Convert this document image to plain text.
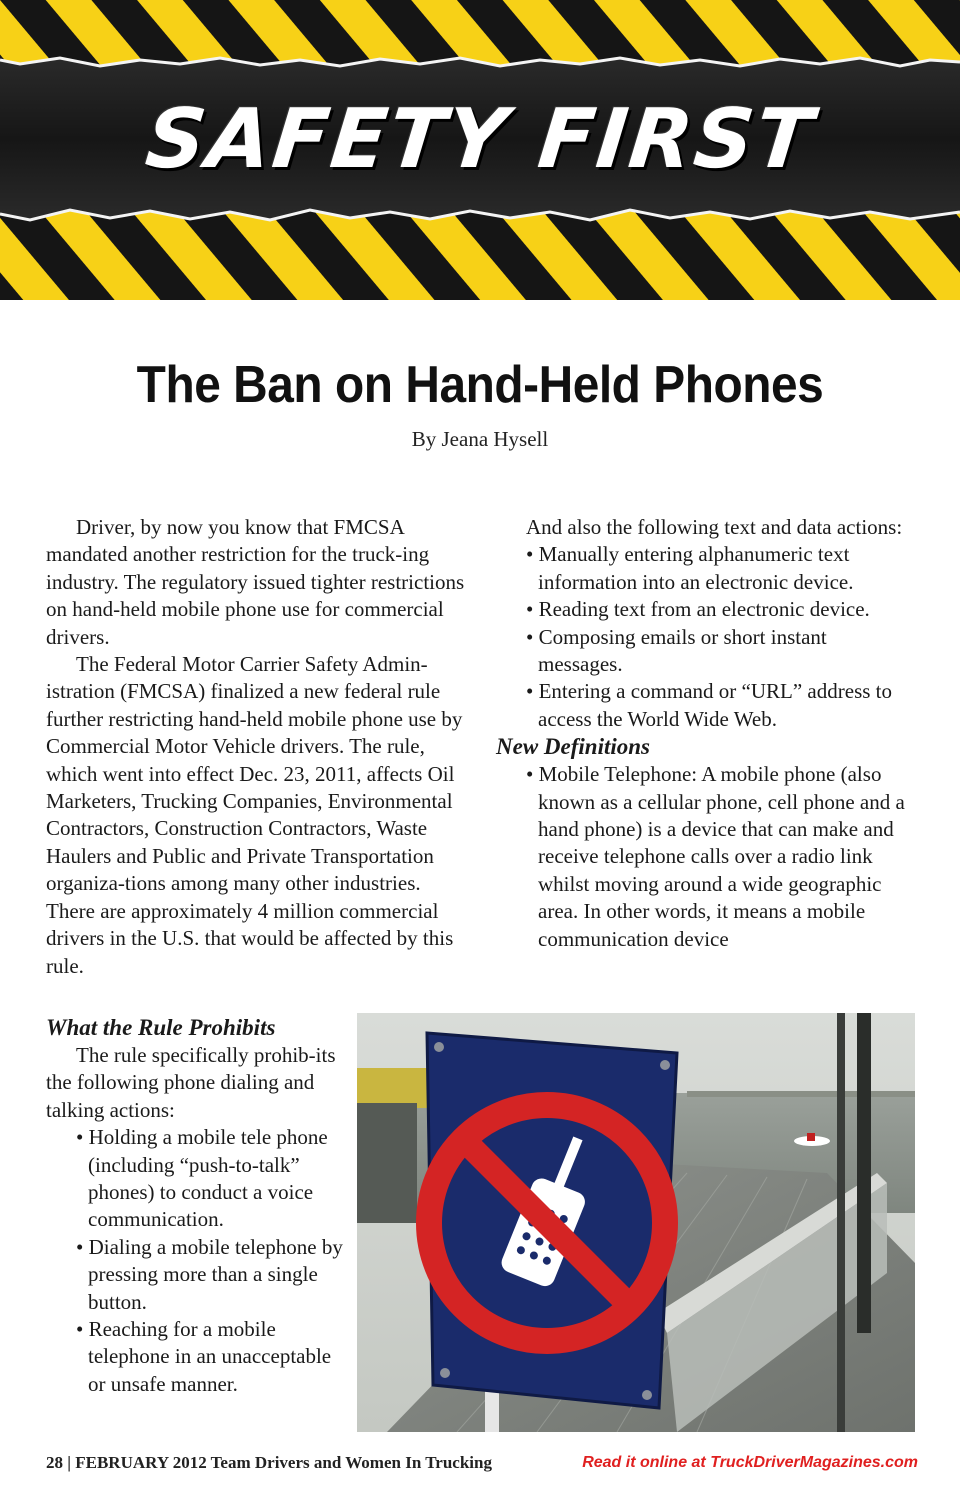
SAFETY FIRST
The Ban on Hand-Held Phones
By Jeana Hysell

Driver, by now you know that FMCSA mandated another restriction for the truck-ing industry. The regulatory issued tighter restrictions on hand-held mobile phone use for commercial drivers.

The Federal Motor Carrier Safety Admin-istration (FMCSA) finalized a new federal rule further restricting hand-held mobile phone use by Commercial Motor Vehicle drivers. The rule, which went into effect Dec. 23, 2011, affects Oil Marketers, Trucking Companies, Environmental Contractors, Construction Contractors, Waste Haulers and Public and Private Transportation organiza-tions among many other industries. There are approximately 4 million commercial drivers in the U.S. that would be affected by this rule.

What the Rule Prohibits

The rule specifically prohib-its the following phone dialing and talking actions:

• Holding a mobile tele phone (including “push-to-talk” phones) to conduct a voice communication.

• Dialing a mobile telephone by pressing more than a single button.

• Reaching for a mobile telephone in an unacceptable or unsafe manner.

And also the following text and data actions:

• Manually entering alphanumeric text information into an electronic device.

• Reading text from an electronic device.

• Composing emails or short instant messages.

• Entering a command or “URL” address to access the World Wide Web.

New Definitions

• Mobile Telephone: A mobile phone (also known as a cellular phone, cell phone and a hand phone) is a device that can make and receive telephone calls over a radio link whilst moving around a wide geographic area. In other words, it means a mobile communication device

28 | FEBRUARY 2012 Team Drivers and Women In Trucking	Read it online at TruckDriverMagazines.com
